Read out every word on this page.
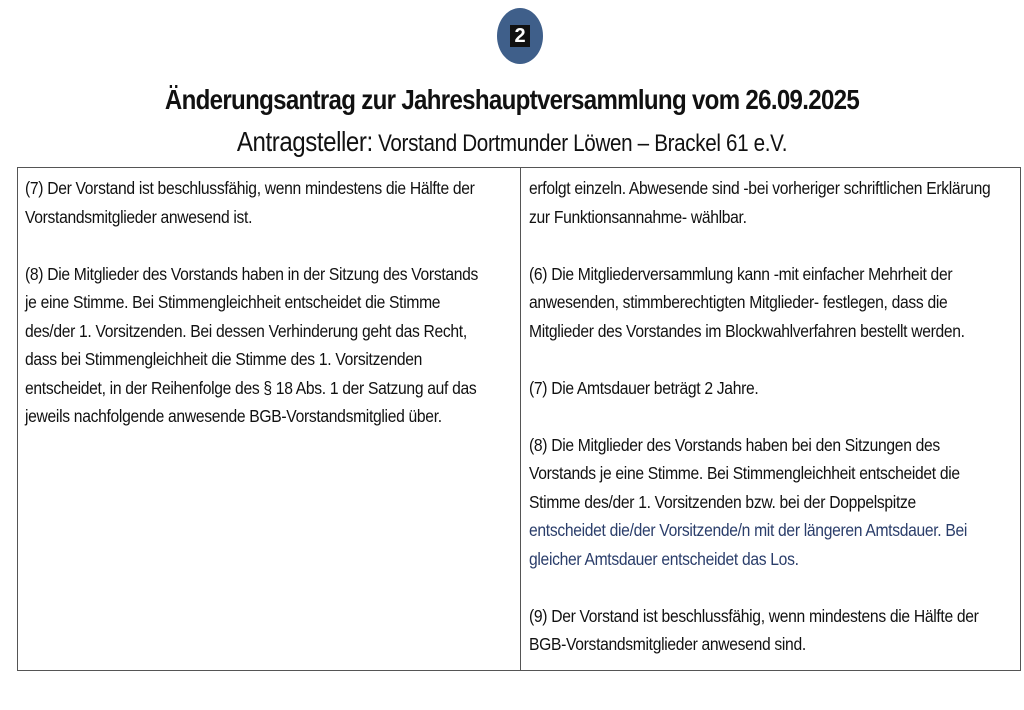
2
Änderungsantrag zur Jahreshauptversammlung vom 26.09.2025
Antragsteller: Vorstand Dortmunder Löwen – Brackel 61 e.V.
(7) Der Vorstand ist beschlussfähig, wenn mindestens die Hälfte der
Vorstandsmitglieder anwesend ist.
(8) Die Mitglieder des Vorstands haben in der Sitzung des Vorstands
je eine Stimme. Bei Stimmengleichheit entscheidet die Stimme
des/der 1. Vorsitzenden. Bei dessen Verhinderung geht das Recht,
dass bei Stimmengleichheit die Stimme des 1. Vorsitzenden
entscheidet, in der Reihenfolge des § 18 Abs. 1 der Satzung auf das
jeweils nachfolgende anwesende BGB-Vorstandsmitglied über.
erfolgt einzeln. Abwesende sind -bei vorheriger schriftlichen Erklärung
zur Funktionsannahme- wählbar.
(6) Die Mitgliederversammlung kann -mit einfacher Mehrheit der
anwesenden, stimmberechtigten Mitglieder- festlegen, dass die
Mitglieder des Vorstandes im Blockwahlverfahren bestellt werden.
(7) Die Amtsdauer beträgt 2 Jahre.
(8) Die Mitglieder des Vorstands haben bei den Sitzungen des
Vorstands je eine Stimme. Bei Stimmengleichheit entscheidet die
Stimme des/der 1. Vorsitzenden bzw. bei der Doppelspitze
entscheidet die/der Vorsitzende/n mit der längeren Amtsdauer. Bei
gleicher Amtsdauer entscheidet das Los.
(9) Der Vorstand ist beschlussfähig, wenn mindestens die Hälfte der
BGB-Vorstandsmitglieder anwesend sind.
